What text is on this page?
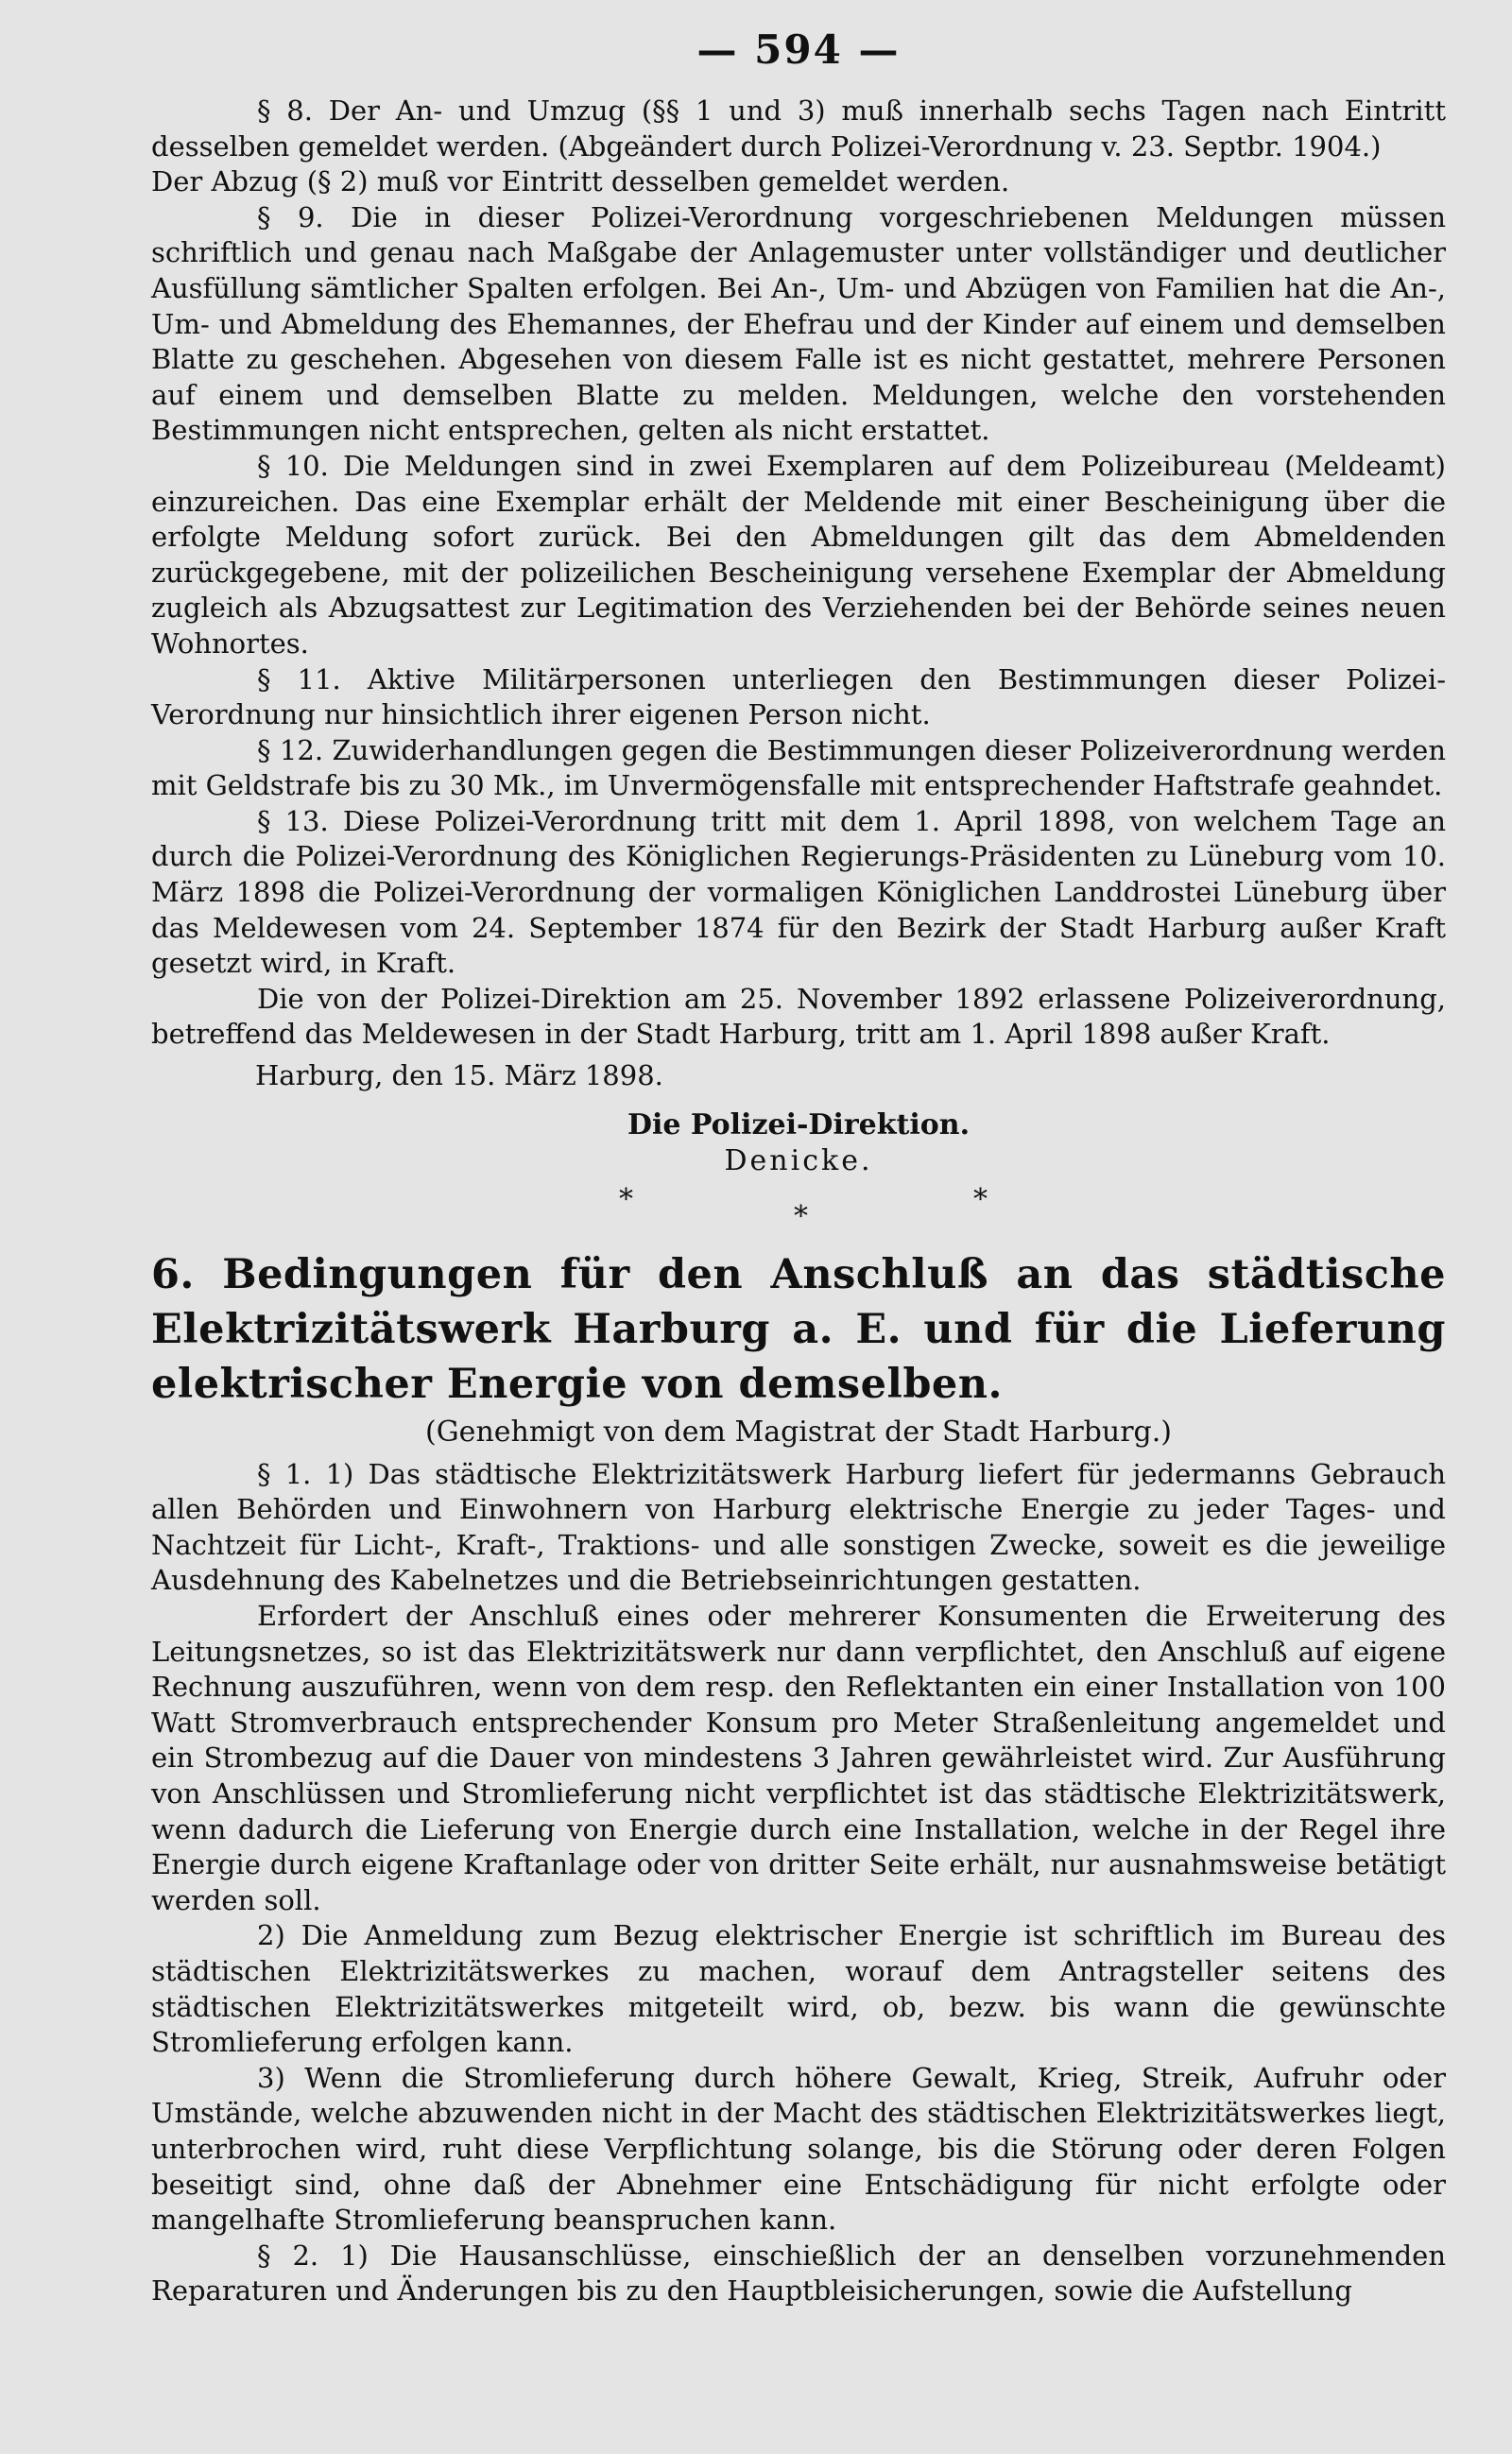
— 594 —

§ 8. Der An- und Umzug (§§ 1 und 3) muß innerhalb sechs Tagen nach Eintritt desselben gemeldet werden. (Abgeändert durch Polizei-Verordnung v. 23. Septbr. 1904.)

Der Abzug (§ 2) muß vor Eintritt desselben gemeldet werden.

§ 9. Die in dieser Polizei-Verordnung vorgeschriebenen Meldungen müssen schriftlich und genau nach Maßgabe der Anlagemuster unter vollständiger und deutlicher Ausfüllung sämtlicher Spalten erfolgen. Bei An-, Um- und Abzügen von Familien hat die An-, Um- und Abmeldung des Ehemannes, der Ehefrau und der Kinder auf einem und demselben Blatte zu geschehen. Abgesehen von diesem Falle ist es nicht gestattet, mehrere Personen auf einem und demselben Blatte zu melden. Meldungen, welche den vorstehenden Bestimmungen nicht entsprechen, gelten als nicht erstattet.

§ 10. Die Meldungen sind in zwei Exemplaren auf dem Polizeibureau (Meldeamt) einzureichen. Das eine Exemplar erhält der Meldende mit einer Bescheinigung über die erfolgte Meldung sofort zurück. Bei den Abmeldungen gilt das dem Abmeldenden zurückgegebene, mit der polizeilichen Bescheinigung versehene Exemplar der Abmeldung zugleich als Abzugsattest zur Legitimation des Verziehenden bei der Behörde seines neuen Wohnortes.

§ 11. Aktive Militärpersonen unterliegen den Bestimmungen dieser Polizei-Verordnung nur hinsichtlich ihrer eigenen Person nicht.

§ 12. Zuwiderhandlungen gegen die Bestimmungen dieser Polizeiverordnung werden mit Geldstrafe bis zu 30 Mk., im Unvermögensfalle mit entsprechender Haftstrafe geahndet.

§ 13. Diese Polizei-Verordnung tritt mit dem 1. April 1898, von welchem Tage an durch die Polizei-Verordnung des Königlichen Regierungs-Präsidenten zu Lüneburg vom 10. März 1898 die Polizei-Verordnung der vormaligen Königlichen Landdrostei Lüneburg über das Meldewesen vom 24. September 1874 für den Bezirk der Stadt Harburg außer Kraft gesetzt wird, in Kraft.

Die von der Polizei-Direktion am 25. November 1892 erlassene Polizeiverordnung, betreffend das Meldewesen in der Stadt Harburg, tritt am 1. April 1898 außer Kraft.

Harburg, den 15. März 1898.
Die Polizei-Direktion.
Denicke.
*
*
*
6. Bedingungen für den Anschluß an das städtische Elektrizitätswerk Harburg a. E. und für die Lieferung elektrischer Energie von demselben.
(Genehmigt von dem Magistrat der Stadt Harburg.)

§ 1. 1) Das städtische Elektrizitätswerk Harburg liefert für jedermanns Gebrauch allen Behörden und Einwohnern von Harburg elektrische Energie zu jeder Tages- und Nachtzeit für Licht-, Kraft-, Traktions- und alle sonstigen Zwecke, soweit es die jeweilige Ausdehnung des Kabelnetzes und die Betriebseinrichtungen gestatten.

Erfordert der Anschluß eines oder mehrerer Konsumenten die Erweiterung des Leitungsnetzes, so ist das Elektrizitätswerk nur dann verpflichtet, den Anschluß auf eigene Rechnung auszuführen, wenn von dem resp. den Reflektanten ein einer Installation von 100 Watt Stromverbrauch entsprechender Konsum pro Meter Straßenleitung angemeldet und ein Strombezug auf die Dauer von mindestens 3 Jahren gewährleistet wird. Zur Ausführung von Anschlüssen und Stromlieferung nicht verpflichtet ist das städtische Elektrizitätswerk, wenn dadurch die Lieferung von Energie durch eine Installation, welche in der Regel ihre Energie durch eigene Kraftanlage oder von dritter Seite erhält, nur ausnahmsweise betätigt werden soll.

2) Die Anmeldung zum Bezug elektrischer Energie ist schriftlich im Bureau des städtischen Elektrizitätswerkes zu machen, worauf dem Antragsteller seitens des städtischen Elektrizitätswerkes mitgeteilt wird, ob, bezw. bis wann die gewünschte Stromlieferung erfolgen kann.

3) Wenn die Stromlieferung durch höhere Gewalt, Krieg, Streik, Aufruhr oder Umstände, welche abzuwenden nicht in der Macht des städtischen Elektrizitätswerkes liegt, unterbrochen wird, ruht diese Verpflichtung solange, bis die Störung oder deren Folgen beseitigt sind, ohne daß der Abnehmer eine Entschädigung für nicht erfolgte oder mangelhafte Stromlieferung beanspruchen kann.

§ 2. 1) Die Hausanschlüsse, einschießlich der an denselben vorzunehmenden Reparaturen und Änderungen bis zu den Hauptbleisicherungen, sowie die Aufstellung
